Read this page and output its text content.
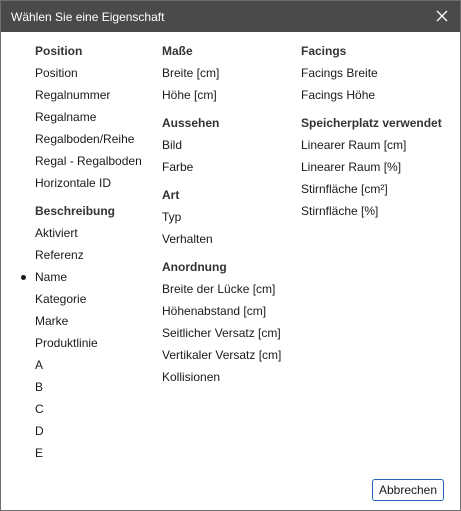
Wählen Sie eine Eigenschaft
Position
Position
Regalnummer
Regalname
Regalboden/Reihe
Regal - Regalboden
Horizontale ID
Beschreibung
Aktiviert
Referenz
Name
Kategorie
Marke
Produktlinie
A
B
C
D
E
Maße
Breite [cm]
Höhe [cm]
Aussehen
Bild
Farbe
Art
Typ
Verhalten
Anordnung
Breite der Lücke [cm]
Höhenabstand [cm]
Seitlicher Versatz [cm]
Vertikaler Versatz [cm]
Kollisionen
Facings
Facings Breite
Facings Höhe
Speicherplatz verwendet
Linearer Raum [cm]
Linearer Raum [%]
Stirnfläche [cm²]
Stirnfläche [%]
Abbrechen
